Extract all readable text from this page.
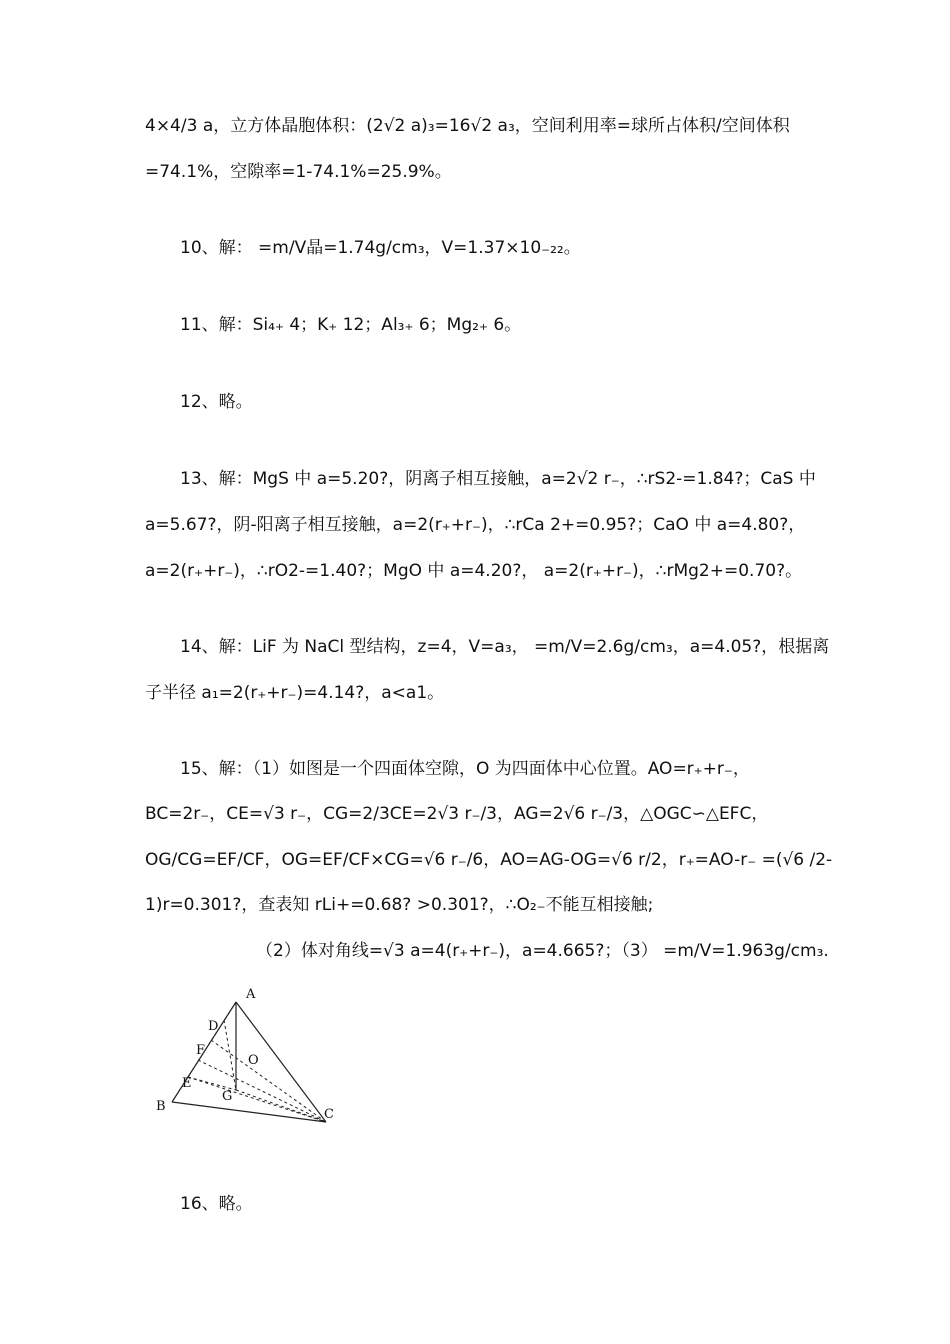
4×4/3 a，立方体晶胞体积：(2√2 a)₃=16√2 a₃，空间利用率=球所占体积/空间体积
=74.1%，空隙率=1-74.1%=25.9%。
10、解： =m/V晶=1.74g/cm₃，V=1.37×10₋₂₂。
11、解：Si₄₊ 4；K₊ 12；Al₃₊ 6；Mg₂₊ 6。
12、略。
13、解：MgS 中 a=5.20?，阴离子相互接触，a=2√2 r₋，∴rS2-=1.84?；CaS 中
a=5.67?，阴-阳离子相互接触，a=2(r₊+r₋)，∴rCa 2+=0.95?；CaO 中 a=4.80?，
a=2(r₊+r₋)，∴rO2-=1.40?；MgO 中 a=4.20?， a=2(r₊+r₋)，∴rMg2+=0.70?。
14、解：LiF 为 NaCl 型结构，z=4，V=a₃， =m/V=2.6g/cm₃，a=4.05?，根据离
子半径 a₁=2(r₊+r₋)=4.14?，a<a1。
15、解：（1）如图是一个四面体空隙，O 为四面体中心位置。AO=r₊+r₋，
BC=2r₋，CE=√3 r₋，CG=2/3CE=2√3 r₋/3，AG=2√6 r₋/3，△OGC∽△EFC，
OG/CG=EF/CF，OG=EF/CF×CG=√6 r₋/6，AO=AG-OG=√6 r/2，r₊=AO-r₋ =(√6 /2-
1)r=0.301?，查表知 rLi+=0.68? >0.301?，∴O₂₋不能互相接触;
（2）体对角线=√3 a=4(r₊+r₋)，a=4.665?；（3） =m/V=1.963g/cm₃.
A
D
F
O
E
G
B
C
16、略。
